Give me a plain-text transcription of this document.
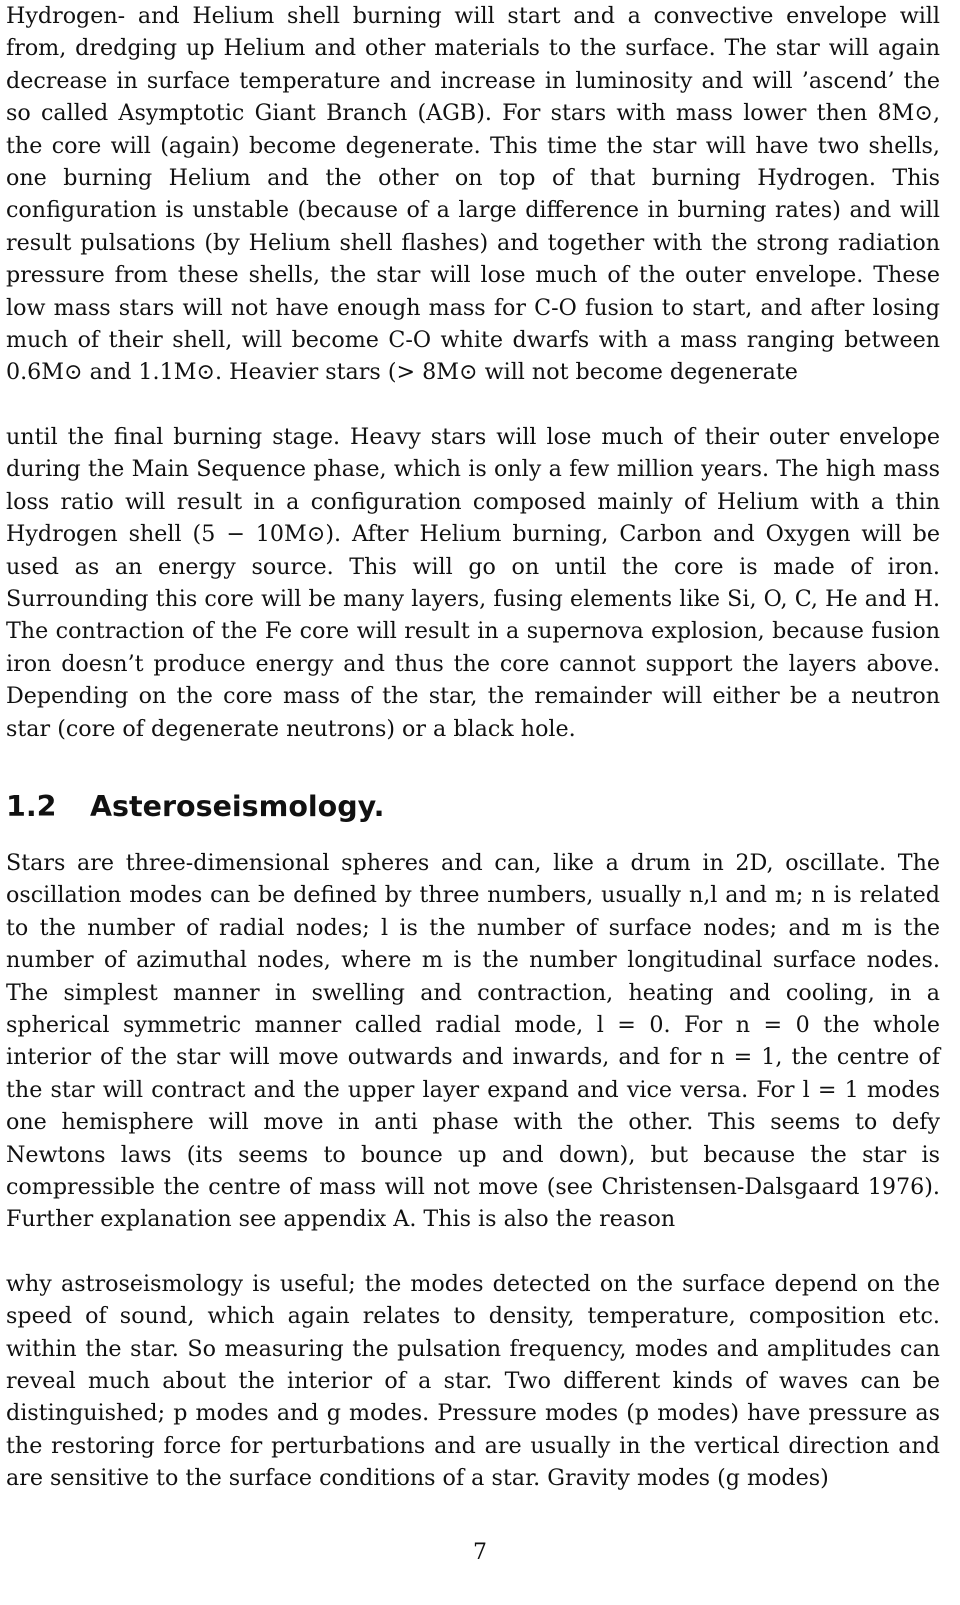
Hydrogen- and Helium shell burning will start and a convective envelope will from, dredging up Helium and other materials to the surface. The star will again decrease in surface temperature and increase in luminosity and will ’ascend’ the so called Asymptotic Giant Branch (AGB). For stars with mass lower then 8M⊙, the core will (again) become degenerate. This time the star will have two shells, one burning Helium and the other on top of that burning Hydrogen. This configuration is unstable (because of a large difference in burning rates) and will result pulsations (by Helium shell flashes) and together with the strong radiation pressure from these shells, the star will lose much of the outer envelope. These low mass stars will not have enough mass for C-O fusion to start, and after losing much of their shell, will become C-O white dwarfs with a mass ranging between 0.6M⊙ and 1.1M⊙. Heavier stars (> 8M⊙ will not become degenerate

until the final burning stage. Heavy stars will lose much of their outer envelope during the Main Sequence phase, which is only a few million years. The high mass loss ratio will result in a configuration composed mainly of Helium with a thin Hydrogen shell (5 − 10M⊙). After Helium burning, Carbon and Oxygen will be used as an energy source. This will go on until the core is made of iron. Surrounding this core will be many layers, fusing elements like Si, O, C, He and H. The contraction of the Fe core will result in a supernova explosion, because fusion iron doesn’t produce energy and thus the core cannot support the layers above. Depending on the core mass of the star, the remainder will either be a neutron star (core of degenerate neutrons) or a black hole.

1.2 Asteroseismology.

Stars are three-dimensional spheres and can, like a drum in 2D, oscillate. The oscillation modes can be defined by three numbers, usually n,l and m; n is related to the number of radial nodes; l is the number of surface nodes; and m is the number of azimuthal nodes, where m is the number longitudinal surface nodes. The simplest manner in swelling and contraction, heating and cooling, in a spherical symmetric manner called radial mode, l = 0. For n = 0 the whole interior of the star will move outwards and inwards, and for n = 1, the centre of the star will contract and the upper layer expand and vice versa. For l = 1 modes one hemisphere will move in anti phase with the other. This seems to defy Newtons laws (its seems to bounce up and down), but because the star is compressible the centre of mass will not move (see Christensen-Dalsgaard 1976). Further explanation see appendix A. This is also the reason

why astroseismology is useful; the modes detected on the surface depend on the speed of sound, which again relates to density, temperature, composition etc. within the star. So measuring the pulsation frequency, modes and amplitudes can reveal much about the interior of a star. Two different kinds of waves can be distinguished; p modes and g modes. Pressure modes (p modes) have pressure as the restoring force for perturbations and are usually in the vertical direction and are sensitive to the surface conditions of a star. Gravity modes (g modes)

7
